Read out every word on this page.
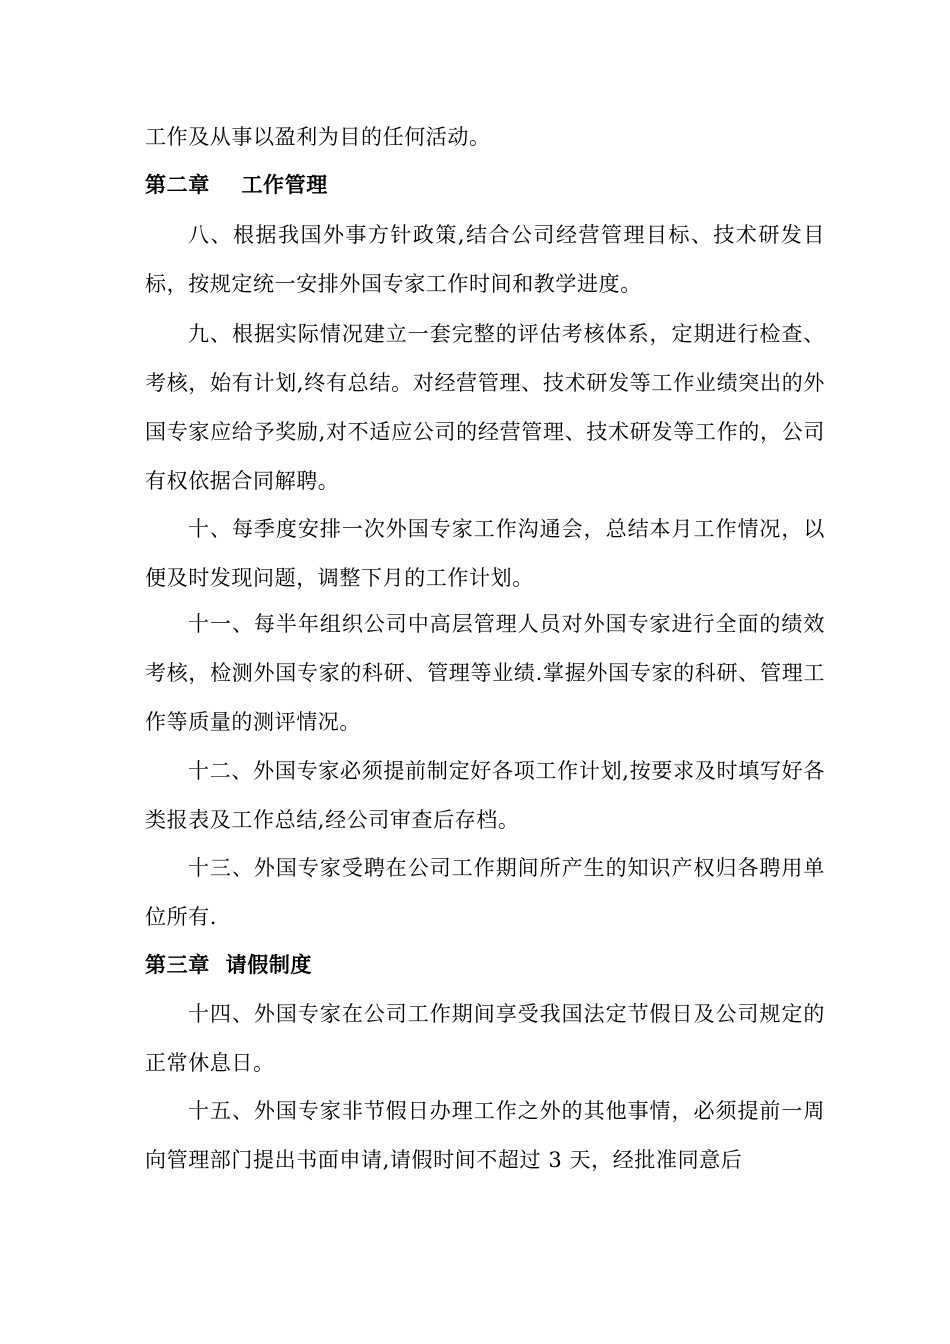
工作及从事以盈利为目的任何活动。

第二章    工作管理

八、根据我国外事方针政策,结合公司经营管理目标、技术研发目标，按规定统一安排外国专家工作时间和教学进度。

九、根据实际情况建立一套完整的评估考核体系，定期进行检查、考核，始有计划,终有总结。对经营管理、技术研发等工作业绩突出的外国专家应给予奖励,对不适应公司的经营管理、技术研发等工作的，公司有权依据合同解聘。

十、每季度安排一次外国专家工作沟通会，总结本月工作情况，以便及时发现问题，调整下月的工作计划。

十一、每半年组织公司中高层管理人员对外国专家进行全面的绩效考核，检测外国专家的科研、管理等业绩.掌握外国专家的科研、管理工作等质量的测评情况。

十二、外国专家必须提前制定好各项工作计划,按要求及时填写好各类报表及工作总结,经公司审查后存档。

十三、外国专家受聘在公司工作期间所产生的知识产权归各聘用单位所有.

第三章  请假制度

十四、外国专家在公司工作期间享受我国法定节假日及公司规定的正常休息日。

十五、外国专家非节假日办理工作之外的其他事情，必须提前一周向管理部门提出书面申请,请假时间不超过 3 天，经批准同意后
